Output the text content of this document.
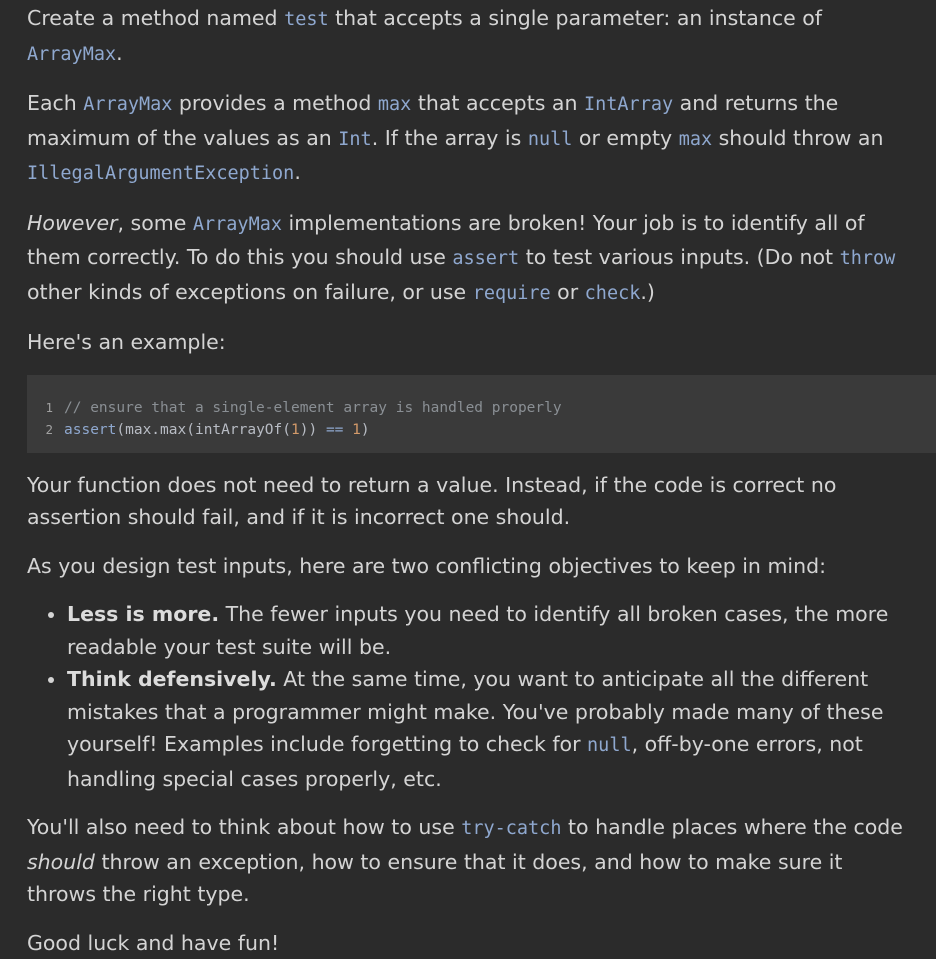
Create a method named test that accepts a single parameter: an instance of ArrayMax.

Each ArrayMax provides a method max that accepts an IntArray and returns the maximum of the values as an Int. If the array is null or empty max should throw an IllegalArgumentException.

However, some ArrayMax implementations are broken! Your job is to identify all of them correctly. To do this you should use assert to test various inputs. (Do not throw other kinds of exceptions on failure, or use require or check.)

Here's an example:

1 // ensure that a single-element array is handled properly
2 assert (max.max(intArrayOf( 1 )) ==
1 )

Your function does not need to return a value. Instead, if the code is correct no assertion should fail, and if it is incorrect one should.

As you design test inputs, here are two conflicting objectives to keep in mind:

• Less is more. The fewer inputs you need to identify all broken cases, the more readable your test suite will be.
• Think defensively. At the same time, you want to anticipate all the different mistakes that a programmer might make. You've probably made many of these yourself! Examples include forgetting to check for null, off-by-one errors, not handling special cases properly, etc.

You'll also need to think about how to use try-catch to handle places where the code should throw an exception, how to ensure that it does, and how to make sure it throws the right type.

Good luck and have fun!
